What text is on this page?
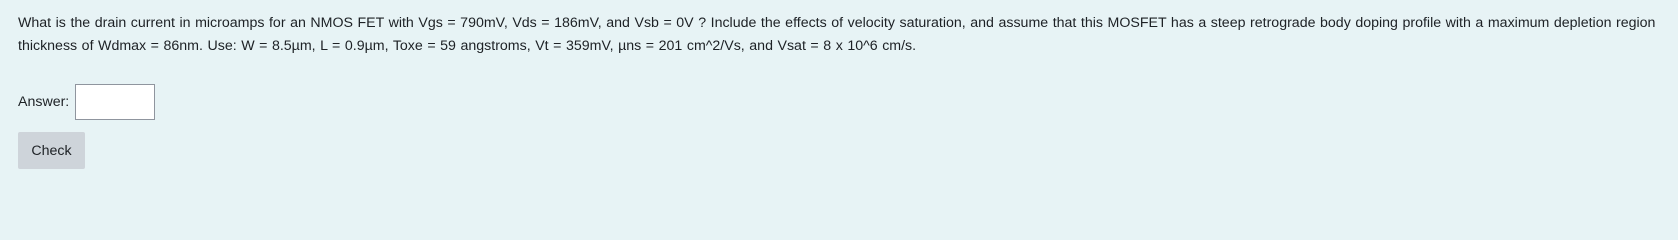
What is the drain current in microamps for an NMOS FET with Vgs = 790mV, Vds = 186mV, and Vsb = 0V ? Include the effects of velocity saturation, and assume that this MOSFET has a steep retrograde body doping profile with a maximum depletion region thickness of Wdmax = 86nm. Use: W = 8.5µm, L = 0.9µm, Toxe = 59 angstroms, Vt = 359mV, µns = 201 cm^2/Vs, and Vsat = 8 x 10^6 cm/s.

Answer:
Check
